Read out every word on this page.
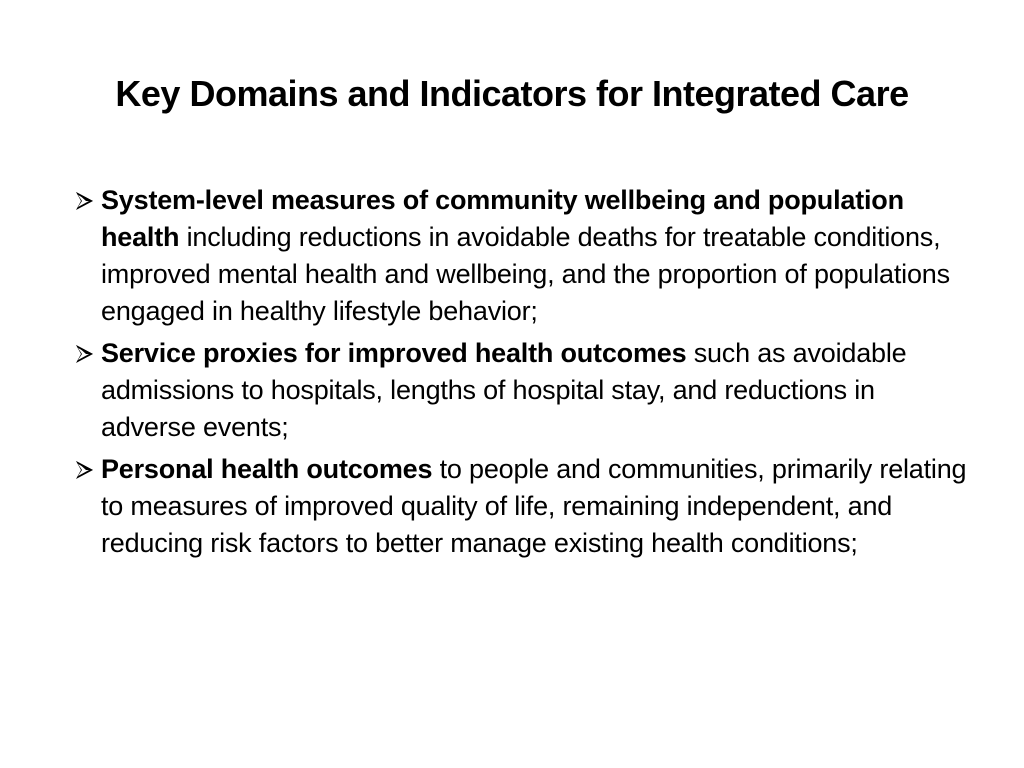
Key Domains and Indicators for Integrated Care
System-level measures of community wellbeing and population health including reductions in avoidable deaths for treatable conditions, improved mental health and wellbeing, and the proportion of populations engaged in healthy lifestyle behavior;
Service proxies for improved health outcomes such as avoidable admissions to hospitals, lengths of hospital stay, and reductions in adverse events;
Personal health outcomes to people and communities, primarily relating to measures of improved quality of life, remaining independent, and reducing risk factors to better manage existing health conditions;
